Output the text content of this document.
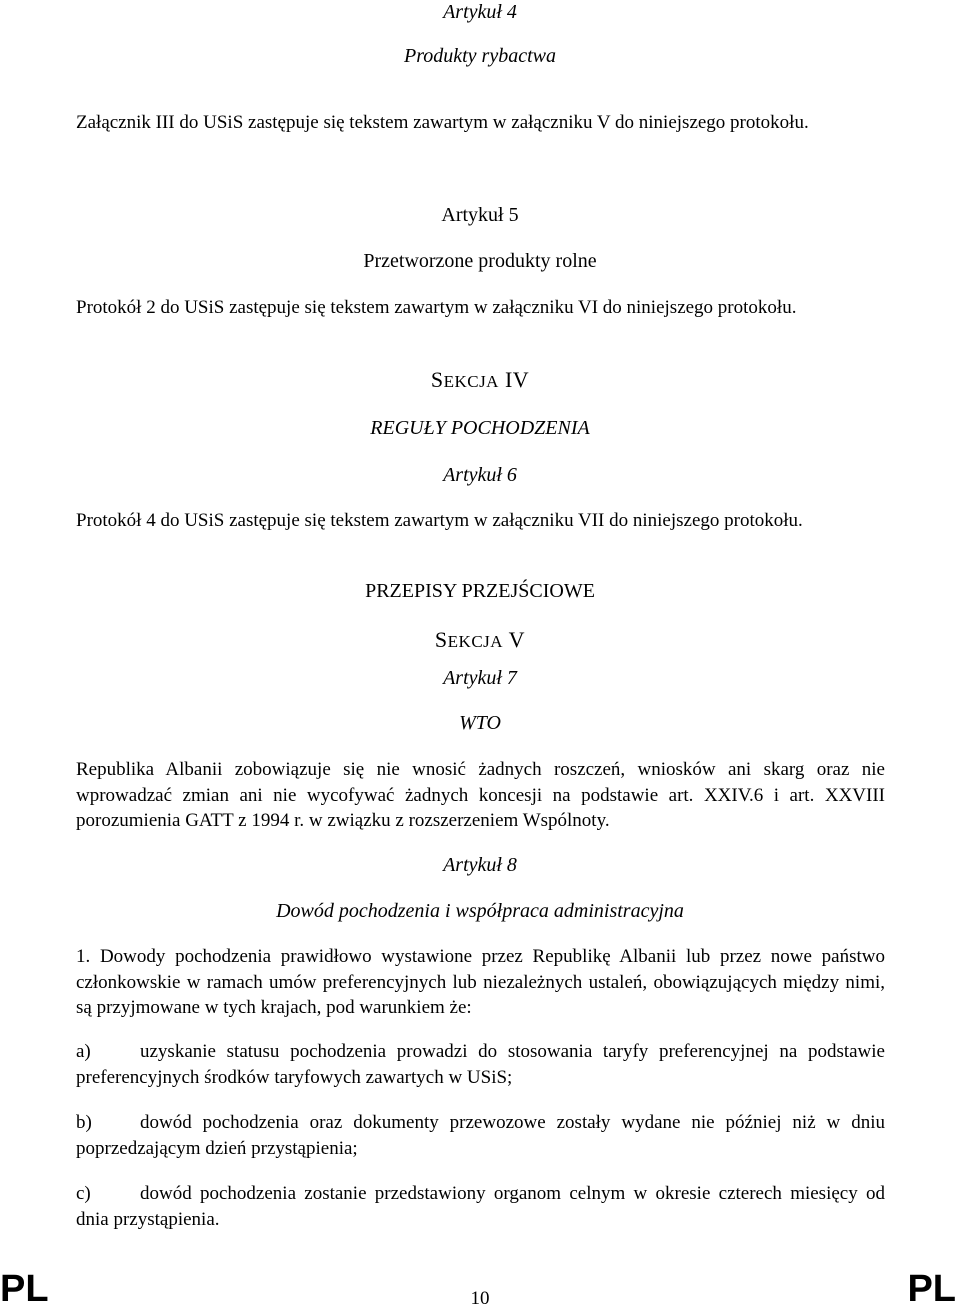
Artykuł 4
Produkty rybactwa
Załącznik III do USiS zastępuje się tekstem zawartym w załączniku V do niniejszego protokołu.
Artykuł 5
Przetworzone produkty rolne
Protokół 2 do USiS zastępuje się tekstem zawartym w załączniku VI do niniejszego protokołu.
SEKCJA IV
REGUŁY POCHODZENIA
Artykuł 6
Protokół 4 do USiS zastępuje się tekstem zawartym w załączniku VII do niniejszego protokołu.
PRZEPISY PRZEJŚCIOWE
SEKCJA V
Artykuł 7
WTO
Republika Albanii zobowiązuje się nie wnosić żadnych roszczeń, wniosków ani skarg oraz nie wprowadzać zmian ani nie wycofywać żadnych koncesji na podstawie art. XXIV.6 i art. XXVIII porozumienia GATT z 1994 r. w związku z rozszerzeniem Wspólnoty.
Artykuł 8
Dowód pochodzenia i współpraca administracyjna
1. Dowody pochodzenia prawidłowo wystawione przez Republikę Albanii lub przez nowe państwo członkowskie w ramach umów preferencyjnych lub niezależnych ustaleń, obowiązujących między nimi, są przyjmowane w tych krajach, pod warunkiem że:
a)	uzyskanie statusu pochodzenia prowadzi do stosowania taryfy preferencyjnej na podstawie preferencyjnych środków taryfowych zawartych w USiS;
b)	dowód pochodzenia oraz dokumenty przewozowe zostały wydane nie później niż w dniu poprzedzającym dzień przystąpienia;
c)	dowód pochodzenia zostanie przedstawiony organom celnym w okresie czterech miesięcy od dnia przystąpienia.
PL	10	PL
